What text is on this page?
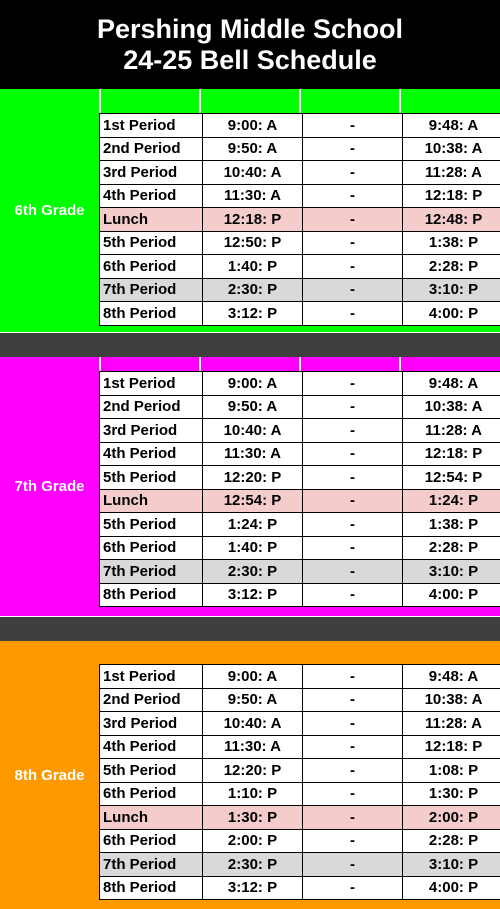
Pershing Middle School
24-25 Bell Schedule
6th Grade
1st Period	9:00: A	-	9:48: A
2nd Period	9:50: A	-	10:38: A
3rd Period	10:40: A	-	11:28: A
4th Period	11:30: A	-	12:18: P
Lunch	12:18: P	-	12:48: P
5th Period	12:50: P	-	1:38: P
6th Period	1:40: P	-	2:28: P
7th Period	2:30: P	-	3:10: P
8th Period	3:12: P	-	4:00: P
7th Grade
1st Period	9:00: A	-	9:48: A
2nd Period	9:50: A	-	10:38: A
3rd Period	10:40: A	-	11:28: A
4th Period	11:30: A	-	12:18: P
5th Period	12:20: P	-	12:54: P
Lunch	12:54: P	-	1:24: P
5th Period	1:24: P	-	1:38: P
6th Period	1:40: P	-	2:28: P
7th Period	2:30: P	-	3:10: P
8th Period	3:12: P	-	4:00: P
8th Grade
1st Period	9:00: A	-	9:48: A
2nd Period	9:50: A	-	10:38: A
3rd Period	10:40: A	-	11:28: A
4th Period	11:30: A	-	12:18: P
5th Period	12:20: P	-	1:08: P
6th Period	1:10: P	-	1:30: P
Lunch	1:30: P	-	2:00: P
6th Period	2:00: P	-	2:28: P
7th Period	2:30: P	-	3:10: P
8th Period	3:12: P	-	4:00: P
